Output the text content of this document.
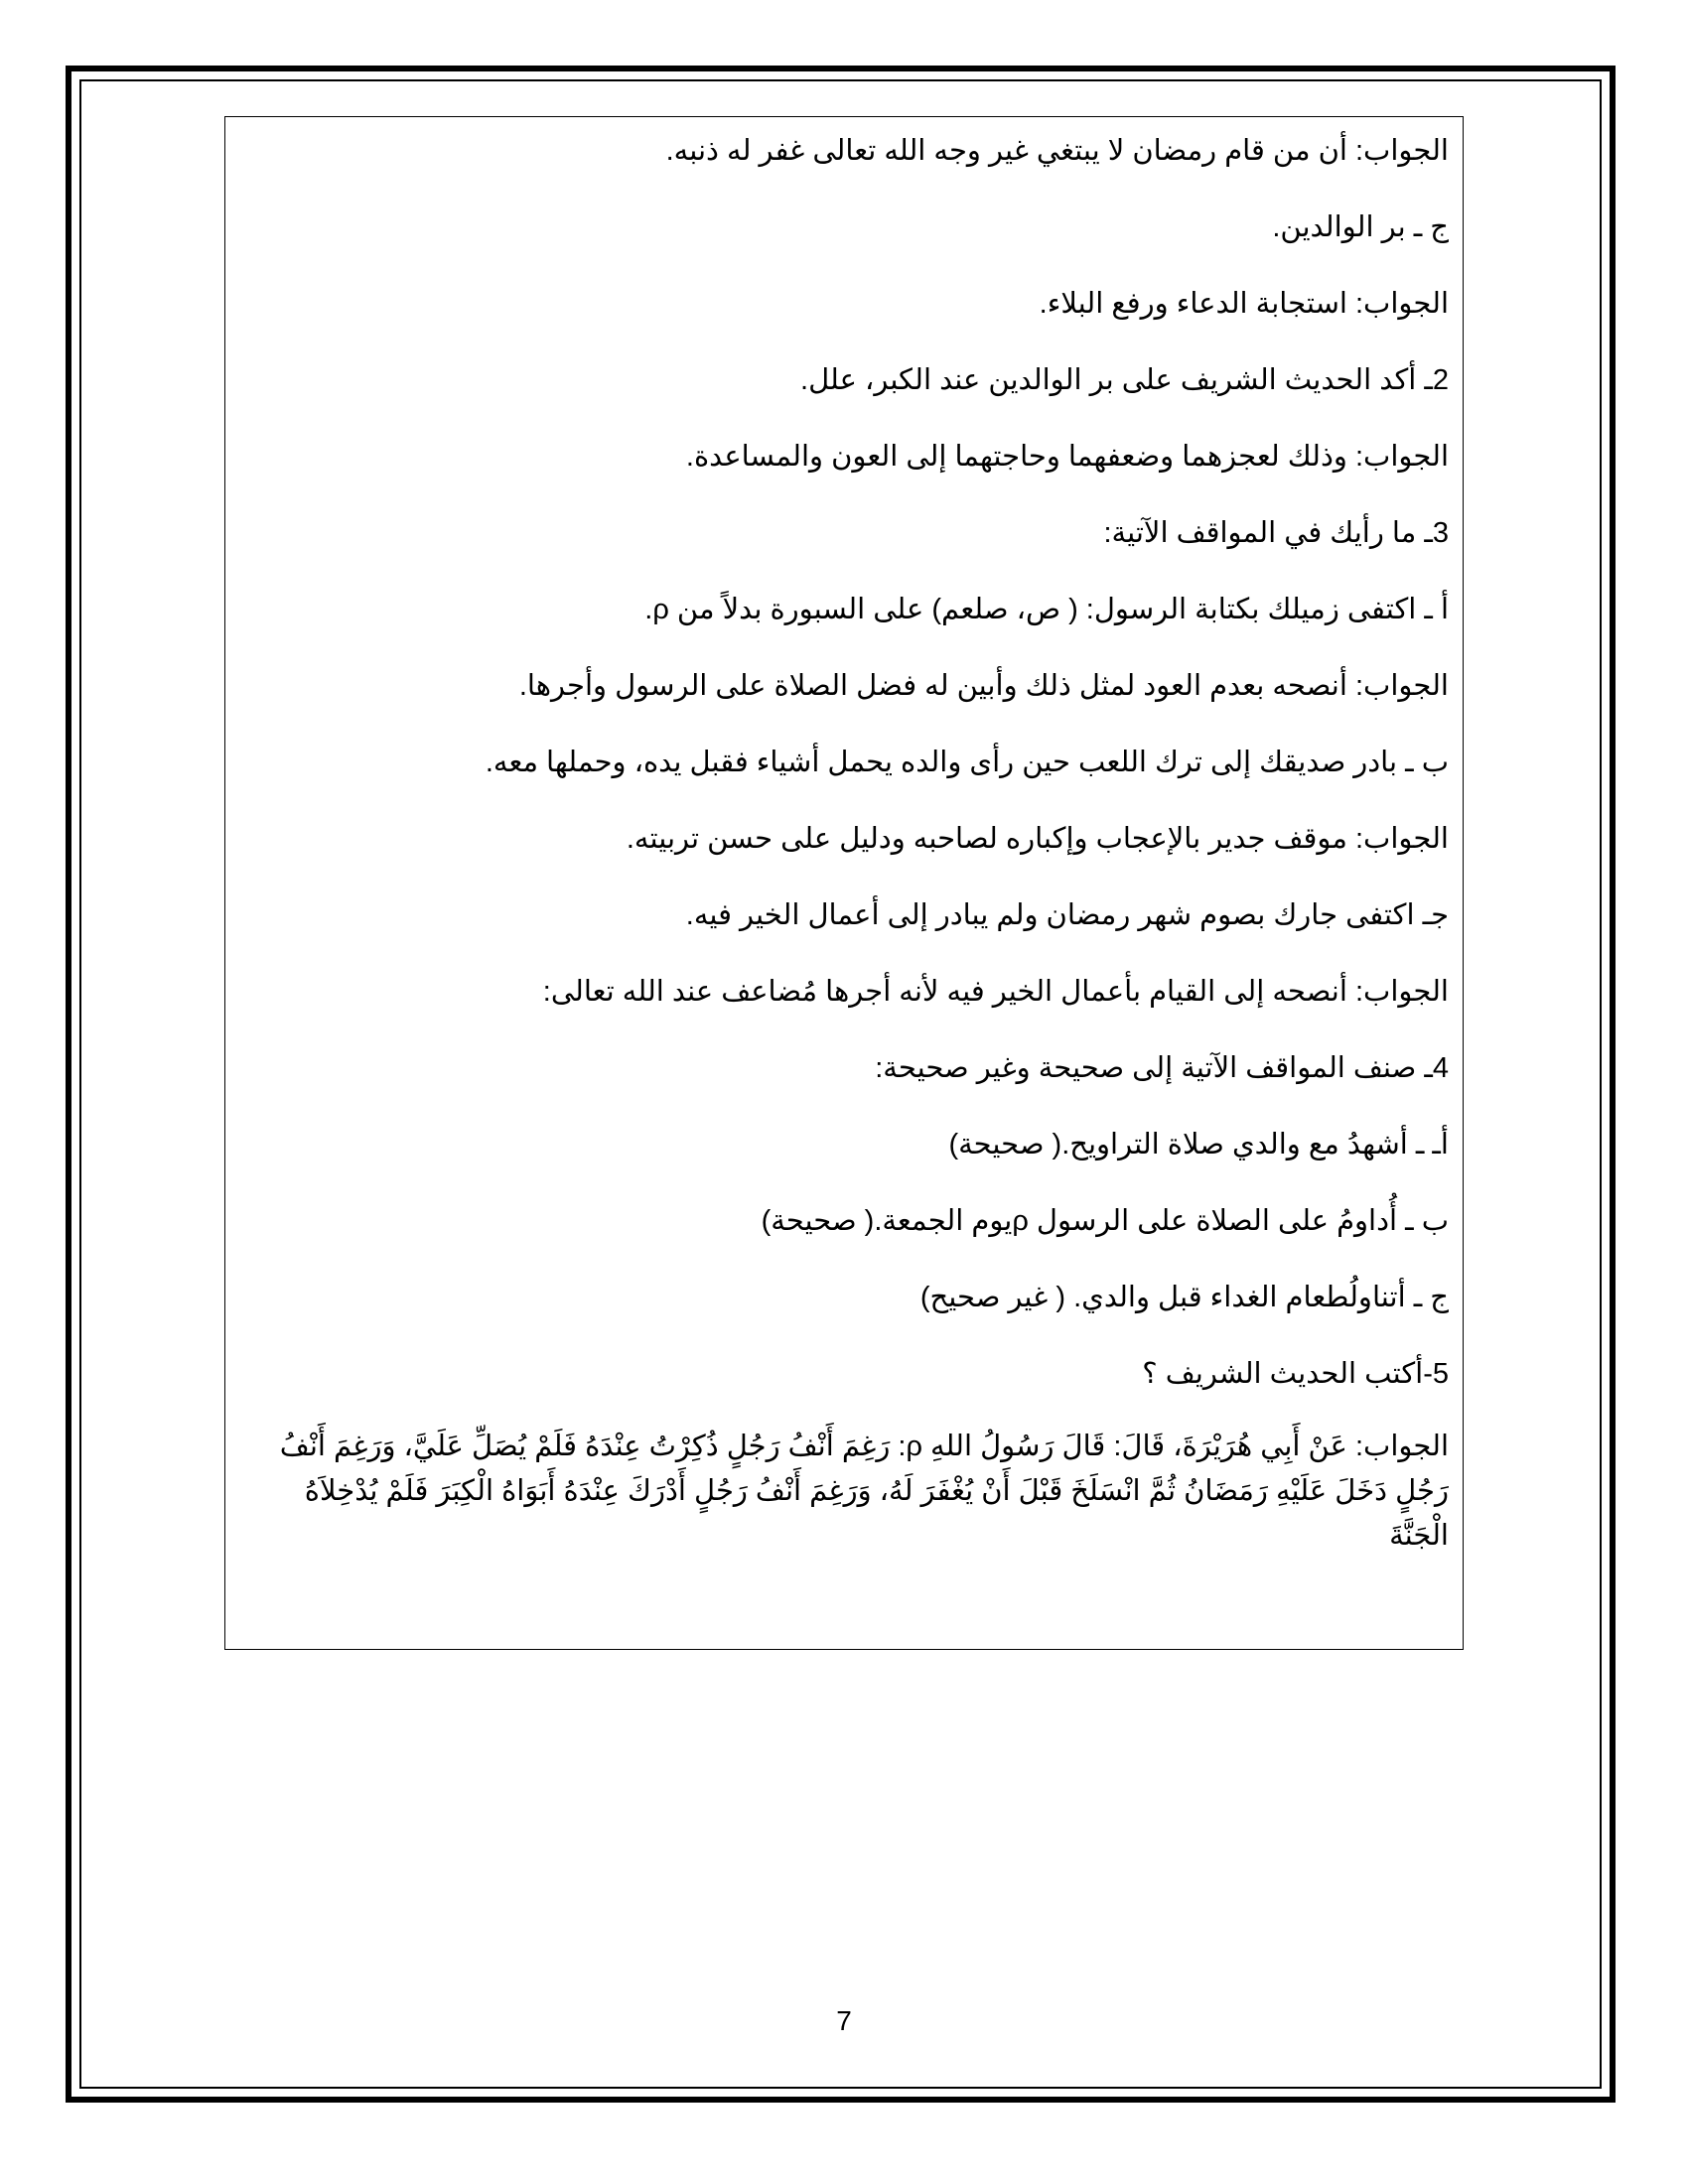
الجواب: أن من قام رمضان لا يبتغي غير وجه الله تعالى غفر له ذنبه.
ج ـ بر الوالدين.
الجواب: استجابة الدعاء ورفع البلاء.
2ـ أكد الحديث الشريف على بر الوالدين عند الكبر، علل.
الجواب: وذلك لعجزهما وضعفهما وحاجتهما إلى العون والمساعدة.
3ـ ما رأيك في المواقف الآتية:
أ ـ اكتفى زميلك بكتابة الرسول: ( ص، صلعم) على السبورة بدلاً من ρ.
الجواب: أنصحه بعدم العود لمثل ذلك وأبين له فضل الصلاة على الرسول وأجرها.
ب ـ بادر صديقك إلى ترك اللعب حين رأى والده يحمل أشياء فقبل يده، وحملها معه.
الجواب: موقف جدير بالإعجاب وإكباره لصاحبه ودليل على حسن تربيته.
جـ اكتفى جارك بصوم شهر رمضان ولم يبادر إلى أعمال الخير فيه.
الجواب: أنصحه إلى القيام بأعمال الخير فيه لأنه أجرها مُضاعف عند الله تعالى:
4ـ صنف المواقف الآتية إلى صحيحة وغير صحيحة:
أـ ـ أشهدُ مع والدي صلاة التراويح.( صحيحة)
ب ـ أُداومُ على الصلاة على الرسول ρيوم الجمعة.( صحيحة)
ج ـ أتناولُطعام الغداء قبل والدي. ( غير صحيح)
5-أكتب الحديث الشريف ؟
الجواب: عَنْ أَبِي هُرَيْرَةَ، قَالَ: قَالَ رَسُولُ اللهِ ρ: رَغِمَ أَنْفُ رَجُلٍ ذُكِرْتُ عِنْدَهُ فَلَمْ يُصَلِّ عَلَيَّ، وَرَغِمَ أَنْفُ رَجُلٍ دَخَلَ عَلَيْهِ رَمَضَانُ ثُمَّ انْسَلَخَ قَبْلَ أَنْ يُغْفَرَ لَهُ، وَرَغِمَ أَنْفُ رَجُلٍ أَدْرَكَ عِنْدَهُ أَبَوَاهُ الْكِبَرَ فَلَمْ يُدْخِلاَهُ الْجَنَّةَ
7
